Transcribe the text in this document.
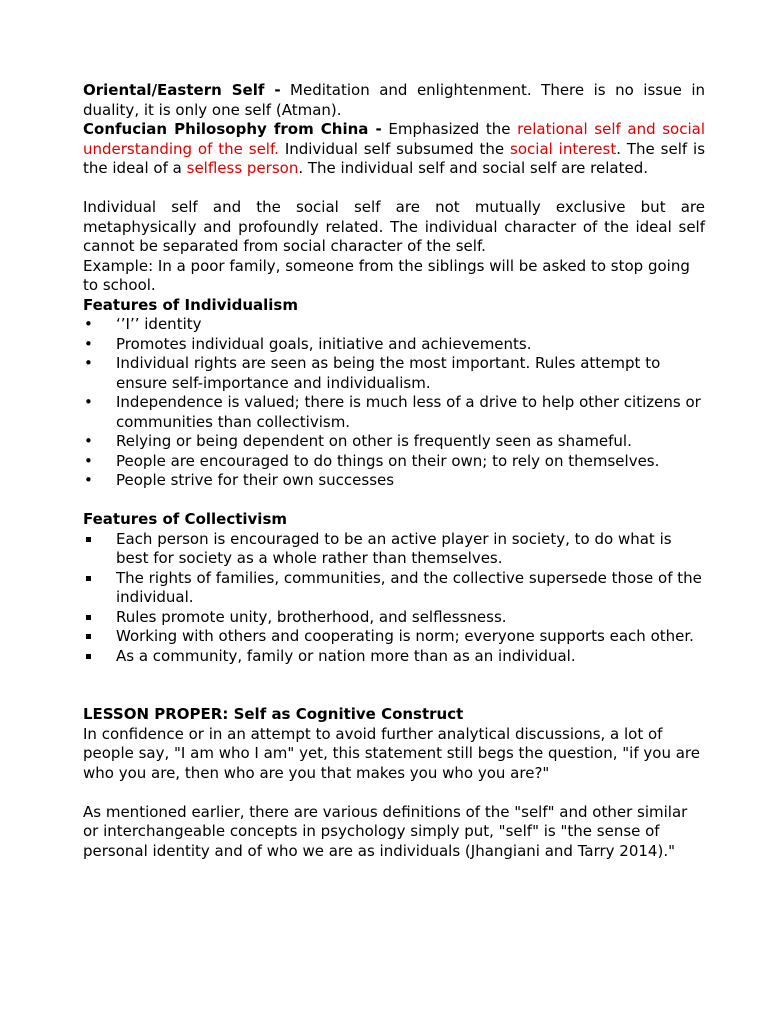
Oriental/Eastern Self - Meditation and enlightenment. There is no issue in duality, it is only one self (Atman).

Confucian Philosophy from China - Emphasized the relational self and social understanding of the self. Individual self subsumed the social interest. The self is the ideal of a selfless person. The individual self and social self are related.

Individual self and the social self are not mutually exclusive but are metaphysically and profoundly related. The individual character of the ideal self cannot be separated from social character of the self.

Example: In a poor family, someone from the siblings will be asked to stop going to school.

Features of Individualism

• ‘’I’’ identity
• Promotes individual goals, initiative and achievements.
• Individual rights are seen as being the most important. Rules attempt to ensure self-importance and individualism.
• Independence is valued; there is much less of a drive to help other citizens or communities than collectivism.
• Relying or being dependent on other is frequently seen as shameful.
• People are encouraged to do things on their own; to rely on themselves.
• People strive for their own successes

Features of Collectivism

Each person is encouraged to be an active player in society, to do what is best for society as a whole rather than themselves.
The rights of families, communities, and the collective supersede those of the individual.
Rules promote unity, brotherhood, and selflessness.
Working with others and cooperating is norm; everyone supports each other.
As a community, family or nation more than as an individual.

LESSON PROPER: Self as Cognitive Construct

In confidence or in an attempt to avoid further analytical discussions, a lot of people say, "I am who I am" yet, this statement still begs the question, "if you are who you are, then who are you that makes you who you are?"

As mentioned earlier, there are various definitions of the "self" and other similar or interchangeable concepts in psychology simply put, "self" is "the sense of personal identity and of who we are as individuals (Jhangiani and Tarry 2014)."
